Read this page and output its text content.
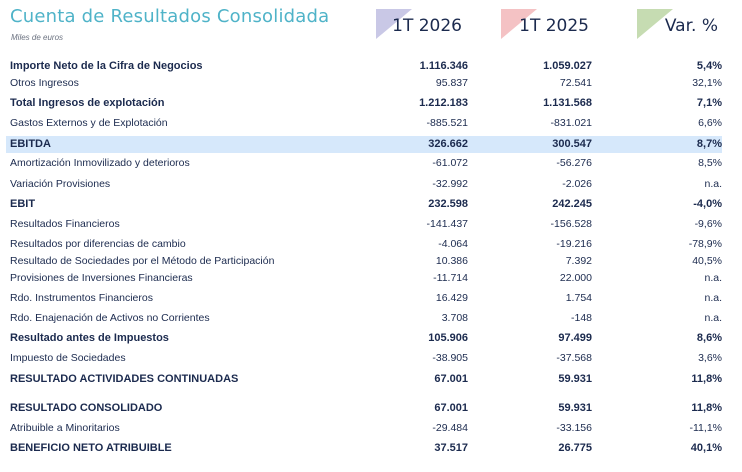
Cuenta de Resultados Consolidada
Miles de euros
1T 2026	1T 2025	Var. %
Importe Neto de la Cifra de Negocios	1.116.346	1.059.027	5,4%
Otros Ingresos	95.837	72.541	32,1%
Total Ingresos de explotación	1.212.183	1.131.568	7,1%
Gastos Externos y de Explotación	-885.521	-831.021	6,6%
EBITDA	326.662	300.547	8,7%
Amortización Inmovilizado y deterioros	-61.072	-56.276	8,5%
Variación Provisiones	-32.992	-2.026	n.a.
EBIT	232.598	242.245	-4,0%
Resultados Financieros	-141.437	-156.528	-9,6%
Resultados por diferencias de cambio	-4.064	-19.216	-78,9%
Resultado de Sociedades por el Método de Participación	10.386	7.392	40,5%
Provisiones de Inversiones Financieras	-11.714	22.000	n.a.
Rdo. Instrumentos Financieros	16.429	1.754	n.a.
Rdo. Enajenación de Activos no Corrientes	3.708	-148	n.a.
Resultado antes de Impuestos	105.906	97.499	8,6%
Impuesto de Sociedades	-38.905	-37.568	3,6%
RESULTADO ACTIVIDADES CONTINUADAS	67.001	59.931	11,8%
RESULTADO CONSOLIDADO	67.001	59.931	11,8%
Atribuible a Minoritarios	-29.484	-33.156	-11,1%
BENEFICIO NETO ATRIBUIBLE	37.517	26.775	40,1%
